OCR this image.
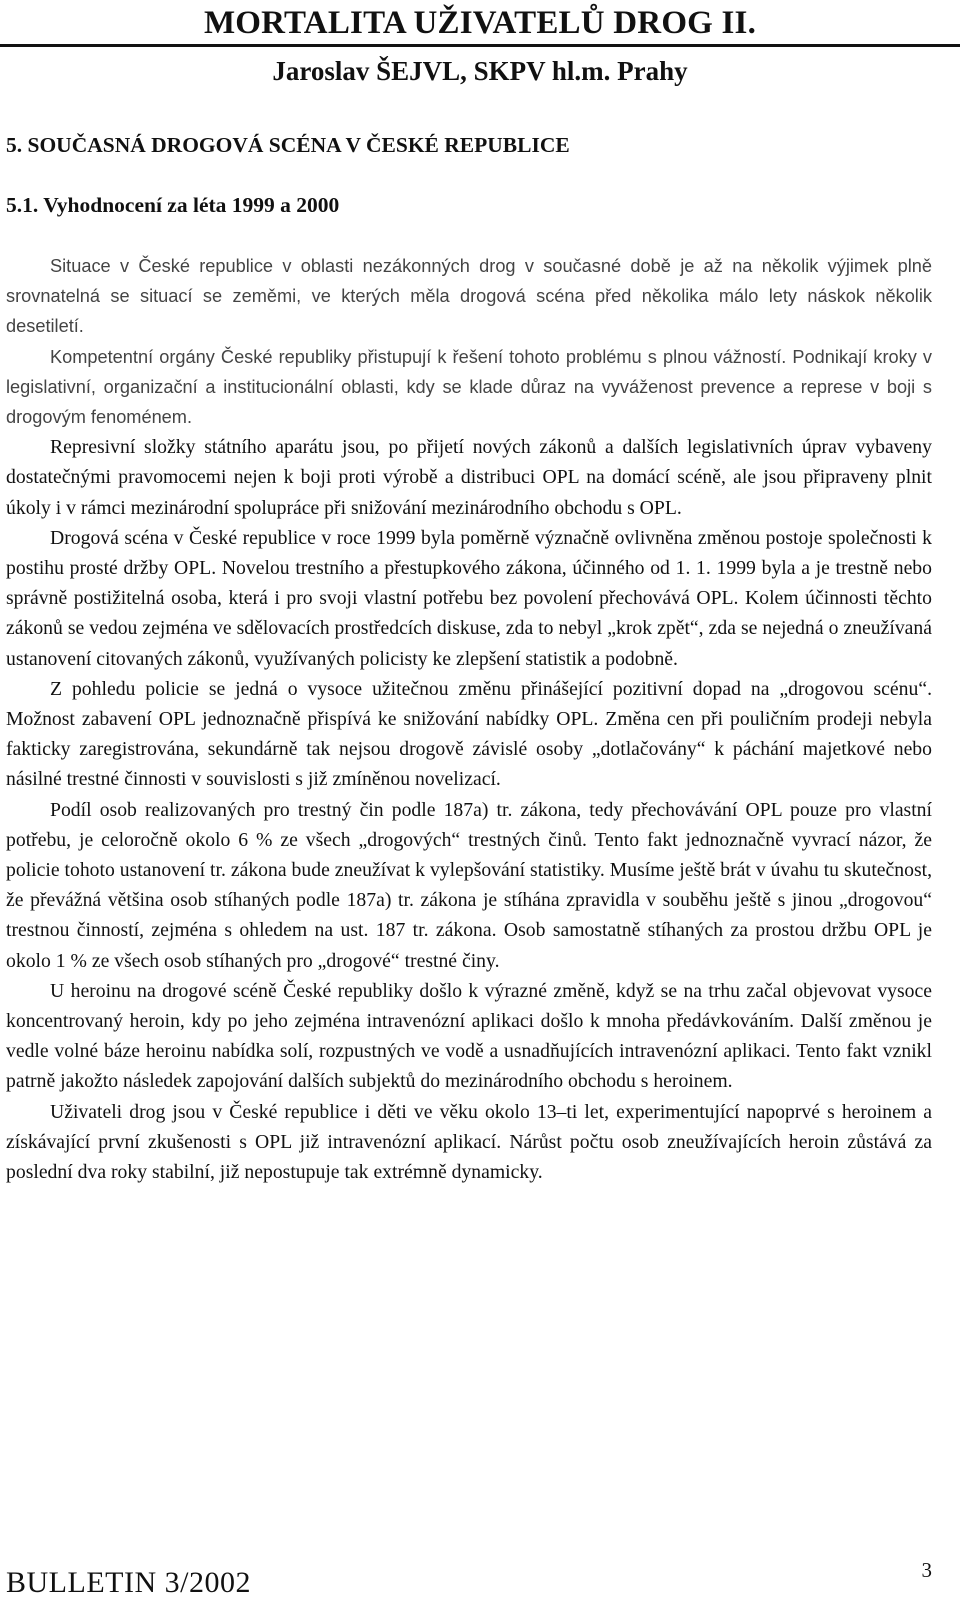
MORTALITA UŽIVATELŮ DROG II.
Jaroslav ŠEJVL, SKPV hl.m. Prahy
5. SOUČASNÁ DROGOVÁ SCÉNA V ČESKÉ REPUBLICE
5.1. Vyhodnocení za léta 1999 a 2000

Situace v České republice v oblasti nezákonných drog v současné době je až na několik výjimek plně srovnatelná se situací se zeměmi, ve kterých měla drogová scéna před několika málo lety náskok několik desetiletí.

Kompetentní orgány České republiky přistupují k řešení tohoto problému s plnou vážností. Podnikají kroky v legislativní, organizační a institucionální oblasti, kdy se klade důraz na vyváženost prevence a represe v boji s drogovým fenoménem.

Represivní složky státního aparátu jsou, po přijetí nových zákonů a dalších legislativních úprav vybaveny dostatečnými pravomocemi nejen k boji proti výrobě a distribuci OPL na domácí scéně, ale jsou připraveny plnit úkoly i v rámci mezinárodní spolupráce při snižování mezinárodního obchodu s OPL.

Drogová scéna v České republice v roce 1999 byla poměrně význačně ovlivněna změnou postoje společnosti k postihu prosté držby OPL. Novelou trestního a přestupkového zákona, účinného od 1. 1. 1999 byla a je trestně nebo správně postižitelná osoba, která i pro svoji vlastní potřebu bez povolení přechovává OPL. Kolem účinnosti těchto zákonů se vedou zejména ve sdělovacích prostředcích diskuse, zda to nebyl „krok zpět“, zda se nejedná o zneužívaná ustanovení citovaných zákonů, využívaných policisty ke zlepšení statistik a podobně.

Z pohledu policie se jedná o vysoce užitečnou změnu přinášející pozitivní dopad na „drogovou scénu“. Možnost zabavení OPL jednoznačně přispívá ke snižování nabídky OPL. Změna cen při pouličním prodeji nebyla fakticky zaregistrována, sekundárně tak nejsou drogově závislé osoby „dotlačovány“ k páchání majetkové nebo násilné trestné činnosti v souvislosti s již zmíněnou novelizací.

Podíl osob realizovaných pro trestný čin podle 187a) tr. zákona, tedy přechovávání OPL pouze pro vlastní potřebu, je celoročně okolo 6 % ze všech „drogových“ trestných činů. Tento fakt jednoznačně vyvrací názor, že policie tohoto ustanovení tr. zákona bude zneužívat k vylepšování statistiky. Musíme ještě brát v úvahu tu skutečnost, že převážná většina osob stíhaných podle 187a) tr. zákona je stíhána zpravidla v souběhu ještě s jinou „drogovou“ trestnou činností, zejména s ohledem na ust. 187 tr. zákona. Osob samostatně stíhaných za prostou držbu OPL je okolo 1 % ze všech osob stíhaných pro „drogové“ trestné činy.

U heroinu na drogové scéně České republiky došlo k výrazné změně, když se na trhu začal objevovat vysoce koncentrovaný heroin, kdy po jeho zejména intravenózní aplikaci došlo k mnoha předávkováním. Další změnou je vedle volné báze heroinu nabídka solí, rozpustných ve vodě a usnadňujících intravenózní aplikaci. Tento fakt vznikl patrně jakožto následek zapojování dalších subjektů do mezinárodního obchodu s heroinem.

Uživateli drog jsou v České republice i děti ve věku okolo 13–ti let, experimentující napoprvé s heroinem a získávající první zkušenosti s OPL již intravenózní aplikací. Nárůst počtu osob zneužívajících heroin zůstává za poslední dva roky stabilní, již nepostupuje tak extrémně dynamicky.

BULLETIN 3/2002	3
